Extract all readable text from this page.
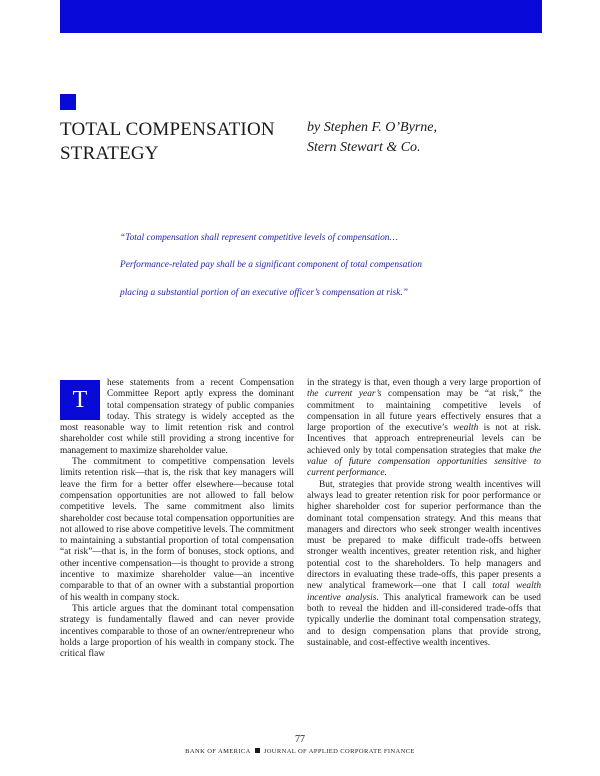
TOTAL COMPENSATION
STRATEGY
by Stephen F. O’Byrne,
Stern Stewart & Co.
“Total compensation shall represent competitive levels of compensation…
Performance-related pay shall be a significant component of total compensation
placing a substantial portion of an executive officer’s compensation at risk.”

T
hese statements from a recent Compensation Committee Report aptly express the dominant total compensation strategy of public companies today. This strategy is widely accepted as the most reasonable way to limit retention risk and control shareholder cost while still providing a strong incentive for management to maximize shareholder value.

The commitment to competitive compensation levels limits retention risk—that is, the risk that key managers will leave the firm for a better offer elsewhere—because total compensation opportunities are not allowed to fall below competitive levels. The same commitment also limits shareholder cost because total compensation opportunities are not allowed to rise above competitive levels. The commitment to maintaining a substantial proportion of total compensation “at risk”—that is, in the form of bonuses, stock options, and other incentive compensation—is thought to provide a strong incentive to maximize shareholder value—an incentive comparable to that of an owner with a substantial proportion of his wealth in company stock.

This article argues that the dominant total compensation strategy is fundamentally flawed and can never provide incentives comparable to those of an owner/entrepreneur who holds a large proportion of his wealth in company stock. The critical flaw

in the strategy is that, even though a very large proportion of the current year’s compensation may be “at risk,” the commitment to maintaining competitive levels of compensation in all future years effectively ensures that a large proportion of the executive’s wealth is not at risk. Incentives that approach entrepreneurial levels can be achieved only by total compensation strategies that make the value of future compensation opportunities sensitive to current performance.

But, strategies that provide strong wealth incentives will always lead to greater retention risk for poor performance or higher shareholder cost for superior performance than the dominant total compensation strategy. And this means that managers and directors who seek stronger wealth incentives must be prepared to make difficult trade-offs between stronger wealth incentives, greater retention risk, and higher potential cost to the shareholders. To help managers and directors in evaluating these trade-offs, this paper presents a new analytical framework—one that I call total wealth incentive analysis. This analytical framework can be used both to reveal the hidden and ill-considered trade-offs that typically underlie the dominant total compensation strategy, and to design compensation plans that provide strong, sustainable, and cost-effective wealth incentives.

77
BANK OF AMERICA JOURNAL OF APPLIED CORPORATE FINANCE
